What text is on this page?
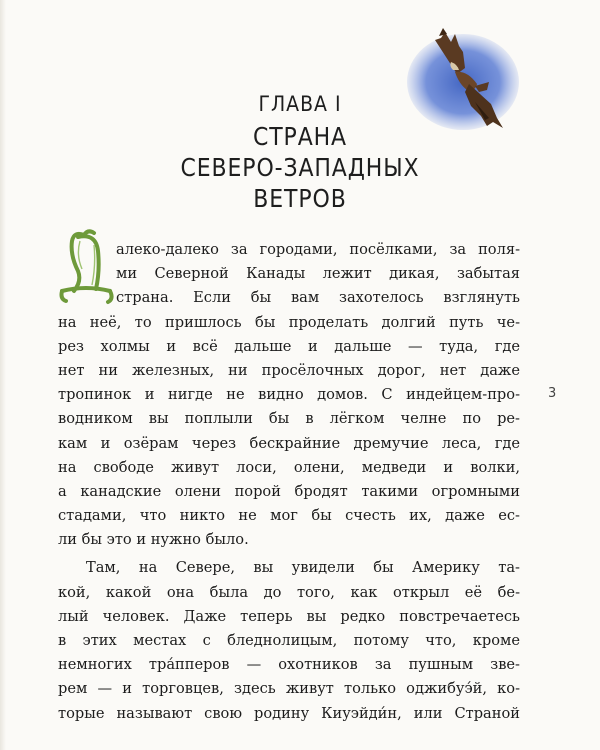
ГЛАВА I
СТРАНА
СЕВЕРО-ЗАПАДНЫХ
ВЕТРОВ
алеко-далеко за городами, посёлками, за поля-
ми Северной Канады лежит дикая, забытая
страна. Если бы вам захотелось взглянуть
на неё, то пришлось бы проделать долгий путь че-
рез холмы и всё дальше и дальше — туда, где
нет ни железных, ни просёлочных дорог, нет даже
тропинок и нигде не видно домов. С индейцем-про-
водником вы поплыли бы в лёгком челне по ре-
кам и озёрам через бескрайние дремучие леса, где
на свободе живут лоси, олени, медведи и волки,
а канадские олени порой бродят такими огромными
стадами, что никто не мог бы счесть их, даже ес-
ли бы это и нужно было.
Там, на Севере, вы увидели бы Америку та-
кой, какой она была до того, как открыл её бе-
лый человек. Даже теперь вы редко повстречаетесь
в этих местах с бледнолицым, потому что, кроме
немногих тра́пперов — охотников за пушным зве-
рем — и торговцев, здесь живут только оджибуэ́й, ко-
торые называют свою родину Киуэйди́н, или Страной
3
